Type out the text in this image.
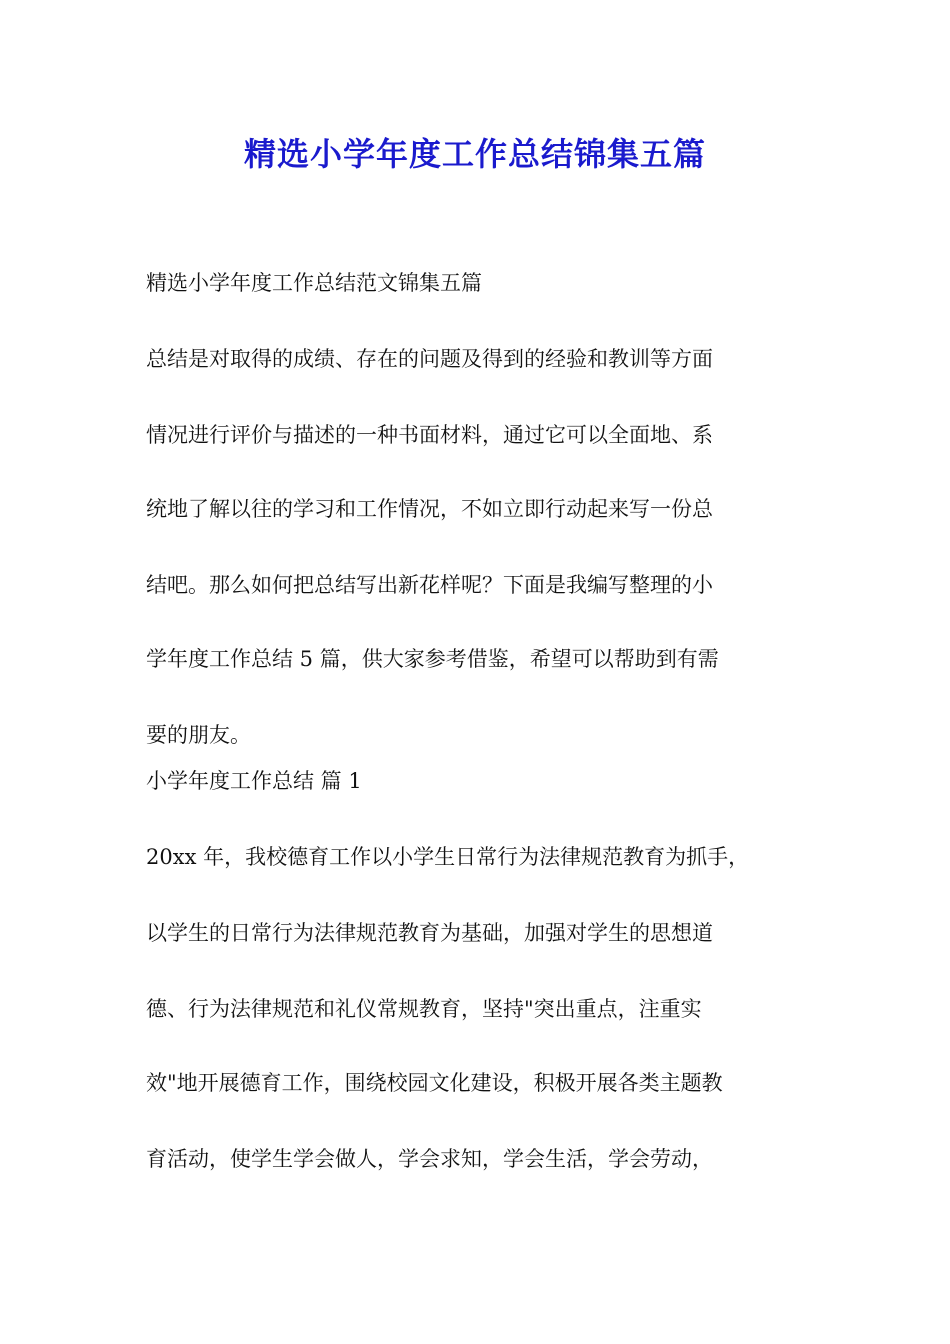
精选小学年度工作总结锦集五篇
精选小学年度工作总结范文锦集五篇
总结是对取得的成绩、存在的问题及得到的经验和教训等方面
情况进行评价与描述的一种书面材料，通过它可以全面地、系
统地了解以往的学习和工作情况，不如立即行动起来写一份总
结吧。那么如何把总结写出新花样呢？下面是我编写整理的小
学年度工作总结 5 篇，供大家参考借鉴，希望可以帮助到有需
要的朋友。
小学年度工作总结 篇 1
20xx 年，我校德育工作以小学生日常行为法律规范教育为抓手，
以学生的日常行为法律规范教育为基础，加强对学生的思想道
德、行为法律规范和礼仪常规教育，坚持"突出重点，注重实
效"地开展德育工作，围绕校园文化建设，积极开展各类主题教
育活动，使学生学会做人，学会求知，学会生活，学会劳动，
